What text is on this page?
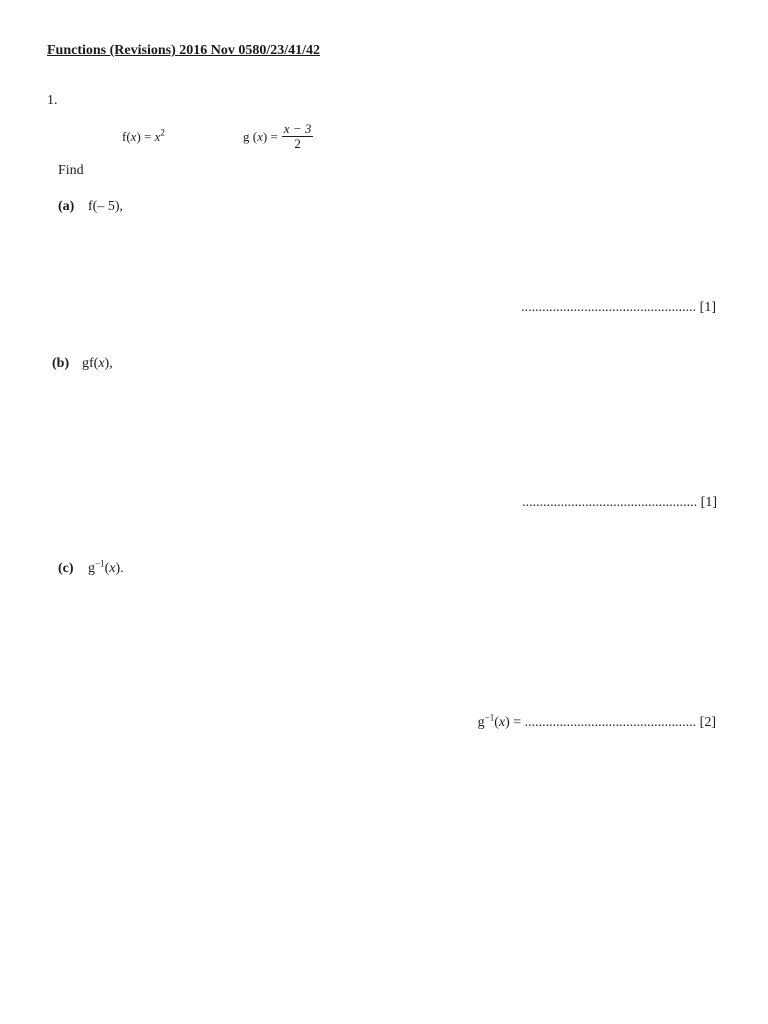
Functions (Revisions) 2016 Nov 0580/23/41/42
1.
$f(x) = x^2$	g ( x ) = $\frac{x - 3}{2}$
Find
(a) f(– 5),
.................................................. [1]
(b) gf(x),
.................................................. [1]
(c) $g^{-1}(x)$.
$g^{-1}(x)$ = ................................................. [2]
